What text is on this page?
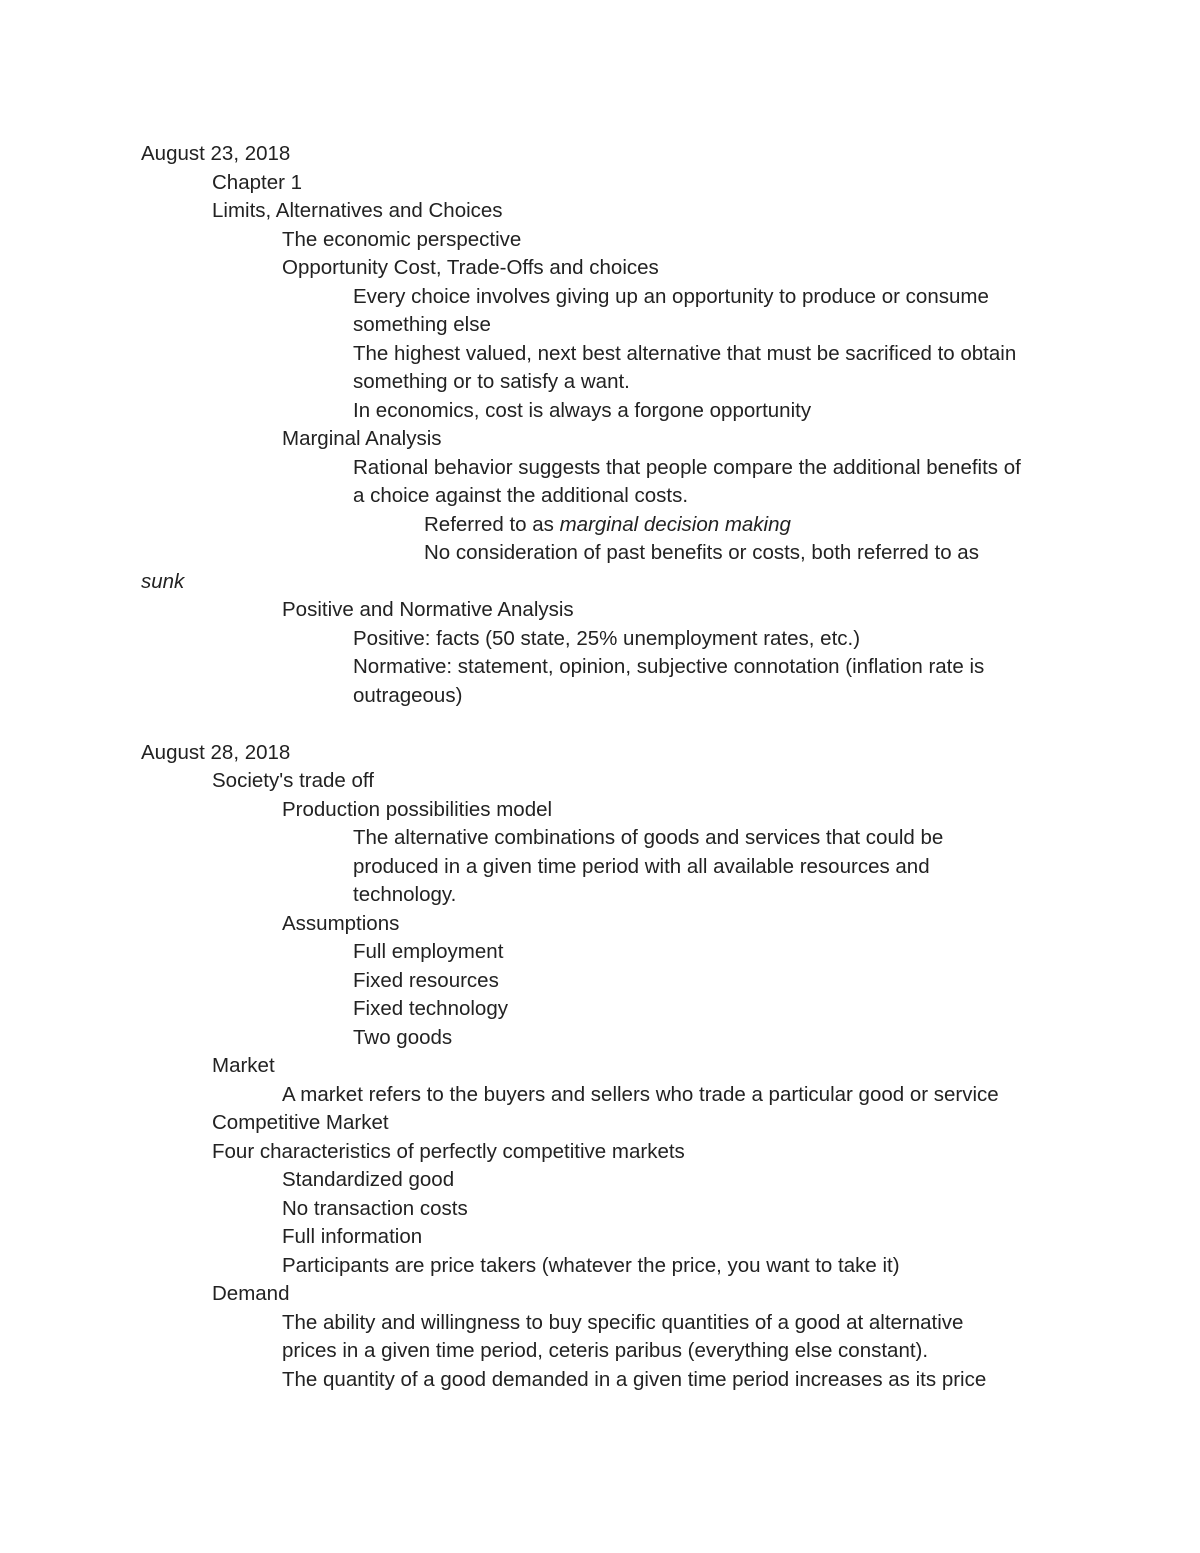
August 23, 2018
Chapter 1
Limits, Alternatives and Choices
The economic perspective
Opportunity Cost, Trade-Offs and choices
Every choice involves giving up an opportunity to produce or consume
something else
The highest valued, next best alternative that must be sacrificed to obtain
something or to satisfy a want.
In economics, cost is always a forgone opportunity
Marginal Analysis
Rational behavior suggests that people compare the additional benefits of
a choice against the additional costs.
Referred to as marginal decision making
No consideration of past benefits or costs, both referred to as
sunk
Positive and Normative Analysis
Positive: facts (50 state, 25% unemployment rates, etc.)
Normative: statement, opinion, subjective connotation (inflation rate is
outrageous)
August 28, 2018
Society's trade off
Production possibilities model
The alternative combinations of goods and services that could be
produced in a given time period with all available resources and
technology.
Assumptions
Full employment
Fixed resources
Fixed technology
Two goods
Market
A market refers to the buyers and sellers who trade a particular good or service
Competitive Market
Four characteristics of perfectly competitive markets
Standardized good
No transaction costs
Full information
Participants are price takers (whatever the price, you want to take it)
Demand
The ability and willingness to buy specific quantities of a good at alternative
prices in a given time period, ceteris paribus (everything else constant).
The quantity of a good demanded in a given time period increases as its price
